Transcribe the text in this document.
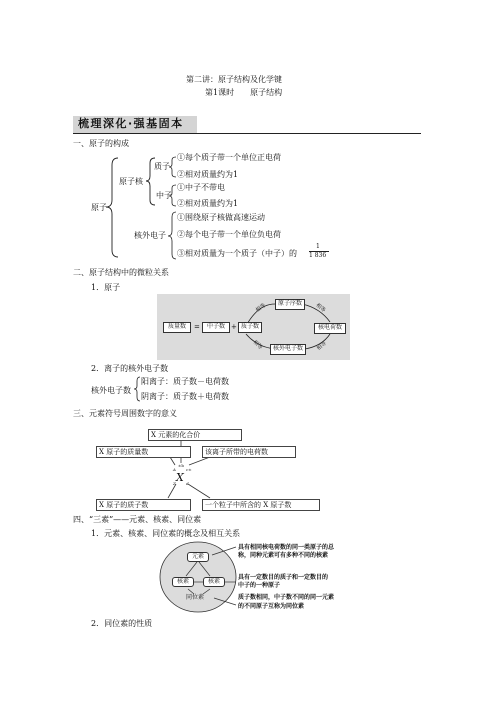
第二讲：原子结构及化学键
第1课时　　原子结构
梳理深化·强基固本
一、原子的构成
原子
原子核
质子
①每个质子带一个单位正电荷
②相对质量约为1
中子
①中子不带电
②相对质量约为1
核外电子
①围绕原子核做高速运动
②每个电子带一个单位负电荷
③相对质量为一个质子（中子）的
1
1 836
二、原子结构中的微粒关系
1．原子
质量数	=	中子数 + 质子数
原子序数
核电荷数
核外电子数
相等	相等
相等	相等
2．离子的核外电子数
核外电子数
阳离子：质子数－电荷数
阴离子：质子数＋电荷数
三、元素符号周围数字的意义
X 元素的化合价
X 原子的质量数	该离子所带的电荷数
X 原子的质子数	一个粒子中所含的 X 原子数
X
±b
A	c±
Z	d
四、“三素”——元素、核素、同位素
1．元素、核素、同位素的概念及相互关系
元素
核素	核素
同位素
具有相同核电荷数的同一类原子的总
称，同种元素可有多种不同的核素
具有一定数目的质子和一定数目的
中子的一种原子
质子数相同，中子数不同的同一元素
的不同原子互称为同位素
2．同位素的性质
